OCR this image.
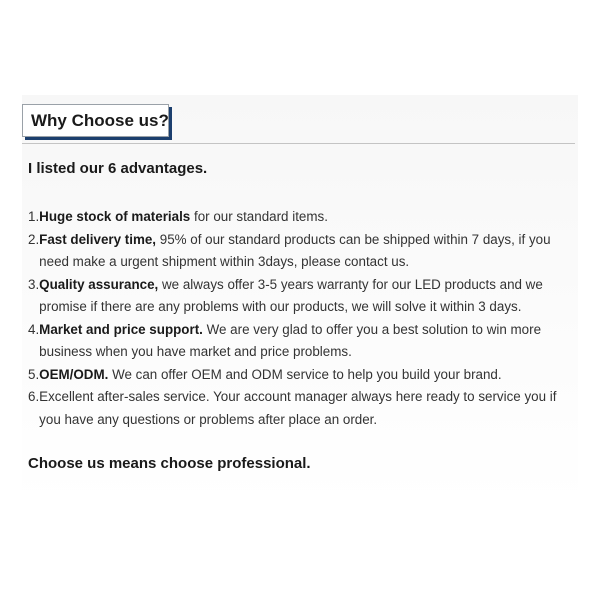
Why Choose us?
I listed our 6 advantages.
1. Huge stock of materials for our standard items.
2. Fast delivery time, 95% of our standard products can be shipped within 7 days, if you need make a urgent shipment within 3days, please contact us.
3. Quality assurance, we always offer 3-5 years warranty for our LED products and we promise if there are any problems with our products, we will solve it within 3 days.
4. Market and price support. We are very glad to offer you a best solution to win more business when you have market and price problems.
5. OEM/ODM. We can offer OEM and ODM service to help you build your brand.
6. Excellent after-sales service. Your account manager always here ready to service you if you have any questions or problems after place an order.
Choose us means choose professional.
